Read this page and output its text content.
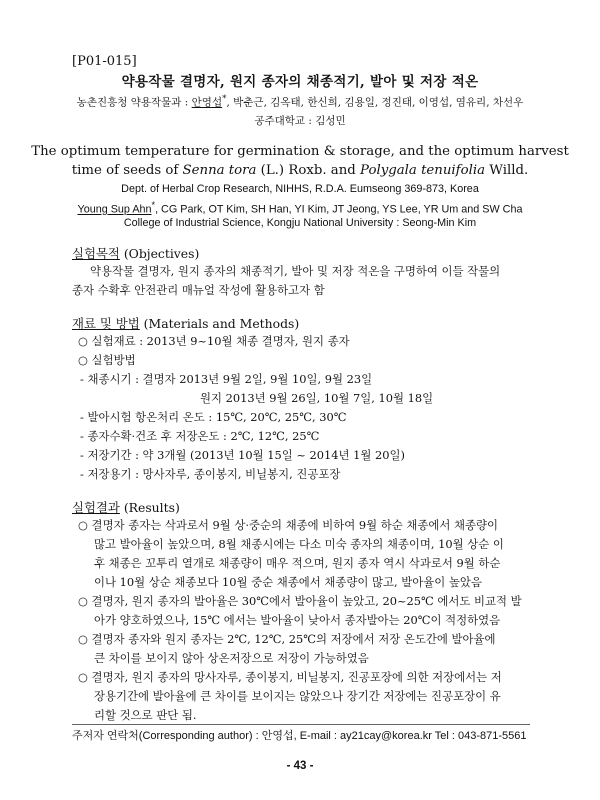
[P01-015]
약용작물 결명자, 원지 종자의 채종적기, 발아 및 저장 적온
농촌진흥청 약용작물과 : 안영섭*, 박춘근, 김옥태, 한신희, 김용일, 정진태, 이영섭, 염유리, 차선우
공주대학교 : 김성민
The optimum temperature for germination & storage, and the optimum harvest
time of seeds of Senna tora (L.) Roxb. and Polygala tenuifolia Willd.
Dept. of Herbal Crop Research, NIHHS, R.D.A. Eumseong 369-873, Korea
Young Sup Ahn*, CG Park, OT Kim, SH Han, YI Kim, JT Jeong, YS Lee, YR Um and SW Cha
College of Industrial Science, Kongju National University : Seong-Min Kim
실험목적 (Objectives)
약용작물 결명자, 원지 종자의 채종적기, 발아 및 저장 적온을 구명하여 이들 작물의
종자 수확후 안전관리 매뉴얼 작성에 활용하고자 함
재료 및 방법 (Materials and Methods)
○ 실험재료 : 2013년 9~10월 채종 결명자, 원지 종자
○ 실험방법
- 채종시기 : 결명자 2013년 9월 2일, 9월 10일, 9월 23일
원지 2013년 9월 26일, 10월 7일, 10월 18일
- 발아시험 항온처리 온도 : 15℃, 20℃, 25℃, 30℃
- 종자수확·건조 후 저장온도 : 2℃, 12℃, 25℃
- 저장기간 : 약 3개월 (2013년 10월 15일 ~ 2014년 1월 20일)
- 저장용기 : 망사자루, 종이봉지, 비닐봉지, 진공포장
실험결과 (Results)
○ 결명자 종자는 삭과로서 9월 상·중순의 채종에 비하여 9월 하순 채종에서 채종량이
많고 발아율이 높았으며, 8월 채종시에는 다소 미숙 종자의 채종이며, 10월 상순 이
후 채종은 꼬투리 열개로 채종량이 매우 적으며, 원지 종자 역시 삭과로서 9월 하순
이나 10월 상순 채종보다 10월 중순 채종에서 채종량이 많고, 발아율이 높았음
○ 결명자, 원지 종자의 발아율은 30℃에서 발아율이 높았고, 20~25℃ 에서도 비교적 발
아가 양호하였으나, 15℃ 에서는 발아율이 낮아서 종자발아는 20℃이 적정하였음
○ 결명자 종자와 원지 종자는 2℃, 12℃, 25℃의 저장에서 저장 온도간에 발아율에
큰 차이를 보이지 않아 상온저장으로 저장이 가능하였음
○ 결명자, 원지 종자의 망사자루, 종이봉지, 비닐봉지, 진공포장에 의한 저장에서는 저
장용기간에 발아율에 큰 차이를 보이지는 않았으나 장기간 저장에는 진공포장이 유
리할 것으로 판단 됨.
주저자 연락처(Corresponding author) : 안영섭, E-mail : ay21cay@korea.kr Tel : 043-871-5561
- 43 -
